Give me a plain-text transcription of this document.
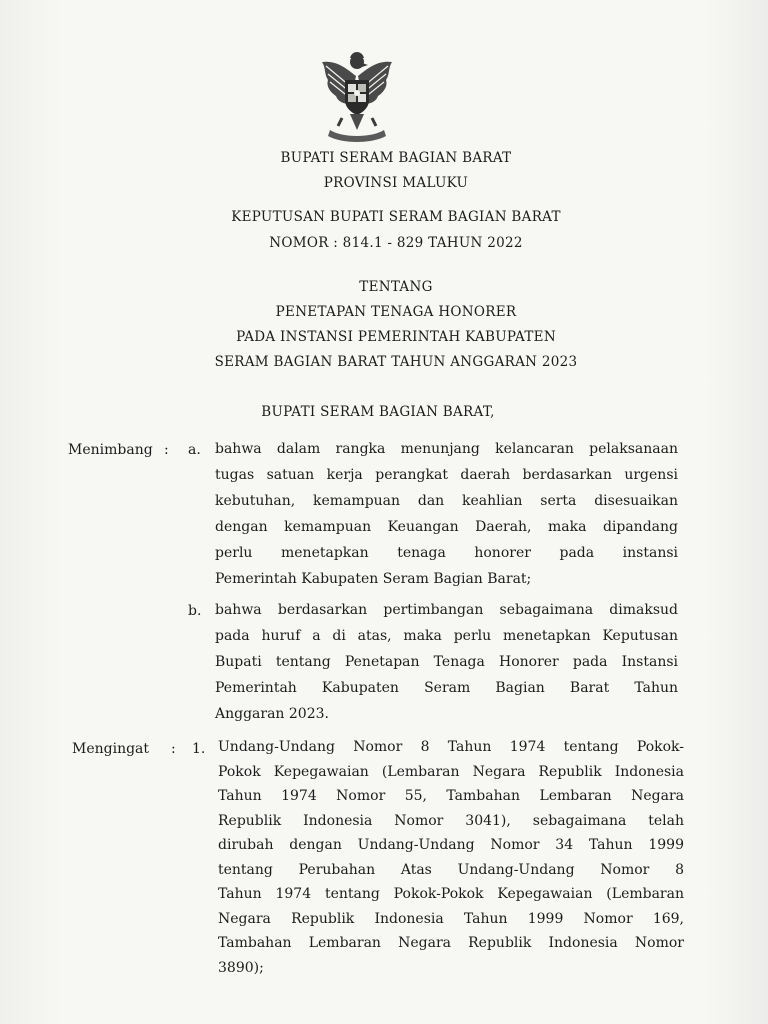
BUPATI SERAM BAGIAN BARAT
PROVINSI MALUKU
KEPUTUSAN BUPATI SERAM BAGIAN BARAT
NOMOR : 814.1 - 829 TAHUN 2022
TENTANG
PENETAPAN TENAGA HONORER
PADA INSTANSI PEMERINTAH KABUPATEN
SERAM BAGIAN BARAT TAHUN ANGGARAN 2023
BUPATI SERAM BAGIAN BARAT,
Menimbang : a. bahwa dalam rangka menunjang kelancaran pelaksanaan
tugas satuan kerja perangkat daerah berdasarkan urgensi
kebutuhan, kemampuan dan keahlian serta disesuaikan
dengan kemampuan Keuangan Daerah, maka dipandang
perlu menetapkan tenaga honorer pada instansi
Pemerintah Kabupaten Seram Bagian Barat;
b. bahwa berdasarkan pertimbangan sebagaimana dimaksud
pada huruf a di atas, maka perlu menetapkan Keputusan
Bupati tentang Penetapan Tenaga Honorer pada Instansi
Pemerintah Kabupaten Seram Bagian Barat Tahun
Anggaran 2023.
Mengingat : 1. Undang-Undang Nomor 8 Tahun 1974 tentang Pokok-
Pokok Kepegawaian (Lembaran Negara Republik Indonesia
Tahun 1974 Nomor 55, Tambahan Lembaran Negara
Republik Indonesia Nomor 3041), sebagaimana telah
dirubah dengan Undang-Undang Nomor 34 Tahun 1999
tentang Perubahan Atas Undang-Undang Nomor 8
Tahun 1974 tentang Pokok-Pokok Kepegawaian (Lembaran
Negara Republik Indonesia Tahun 1999 Nomor 169,
Tambahan Lembaran Negara Republik Indonesia Nomor
3890);
